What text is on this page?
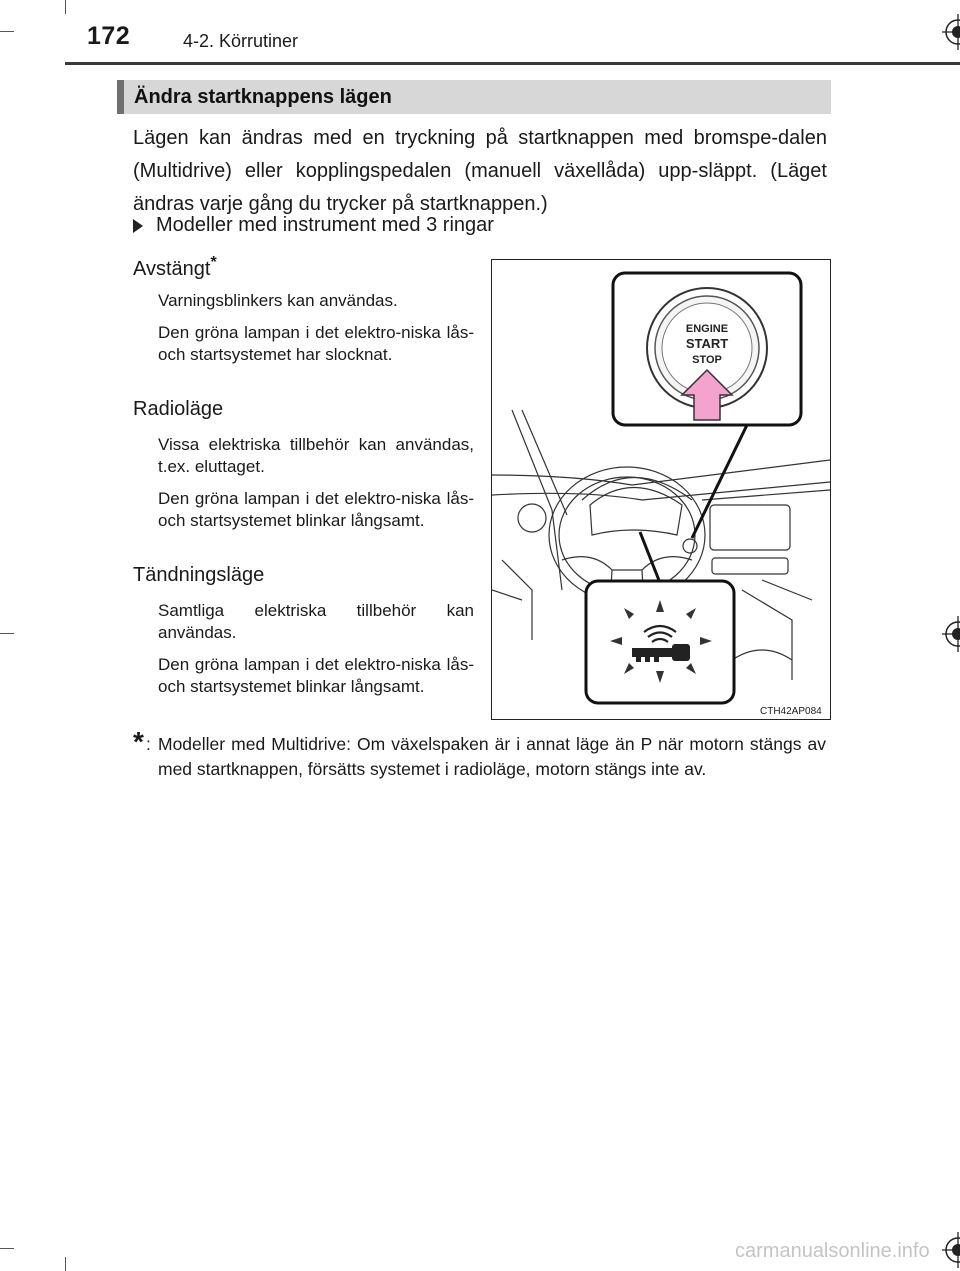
172	4-2. Körrutiner
Ändra startknappens lägen
Lägen kan ändras med en tryckning på startknappen med bromspe-dalen (Multidrive) eller kopplingspedalen (manuell växellåda) upp-släppt. (Läget ändras varje gång du trycker på startknappen.)
Modeller med instrument med 3 ringar
Avstängt*
Varningsblinkers kan användas.
Den gröna lampan i det elektro-niska lås- och startsystemet har slocknat.
Radioläge
Vissa elektriska tillbehör kan användas, t.ex. eluttaget.
Den gröna lampan i det elektro-niska lås- och startsystemet blinkar långsamt.
Tändningsläge
Samtliga elektriska tillbehör kan användas.
Den gröna lampan i det elektro-niska lås- och startsystemet blinkar långsamt.
* : Modeller med Multidrive: Om växelspaken är i annat läge än P när motorn stängs av med startknappen, försätts systemet i radioläge, motorn stängs inte av.
ENGINE
START
STOP
CTH42AP084
carmanualsonline.info
